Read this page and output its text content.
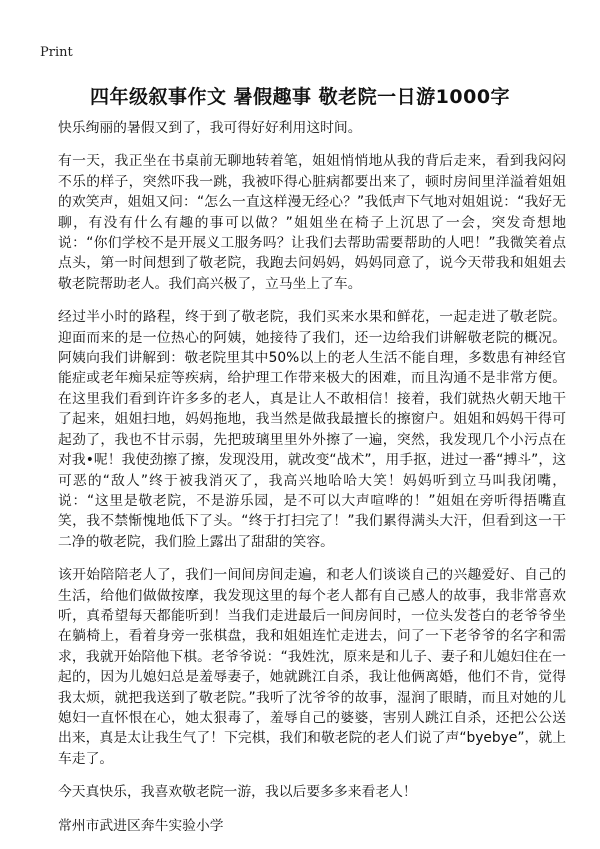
Print
四年级叙事作文 暑假趣事 敬老院一日游1000字

快乐绚丽的暑假又到了，我可得好好利用这时间。

有一天，我正坐在书桌前无聊地转着笔，姐姐悄悄地从我的背后走来，看到我闷闷不乐的样子，突然吓我一跳，我被吓得心脏病都要出来了，顿时房间里洋溢着姐姐的欢笑声，姐姐又问：“怎么一直这样漫无经心？”我低声下气地对姐姐说：“我好无聊，有没有什么有趣的事可以做？”姐姐坐在椅子上沉思了一会，突发奇想地说：“你们学校不是开展义工服务吗？让我们去帮助需要帮助的人吧！”我微笑着点点头，第一时间想到了敬老院，我跑去问妈妈，妈妈同意了，说今天带我和姐姐去敬老院帮助老人。我们高兴极了，立马坐上了车。

经过半小时的路程，终于到了敬老院，我们买来水果和鲜花，一起走进了敬老院。迎面而来的是一位热心的阿姨，她接待了我们，还一边给我们讲解敬老院的概况。阿姨向我们讲解到：敬老院里其中50%以上的老人生活不能自理，多数患有神经官能症或老年痴呆症等疾病，给护理工作带来极大的困难，而且沟通不是非常方便。在这里我们看到许许多多的老人，真是让人不敢相信！接着，我们就热火朝天地干了起来，姐姐扫地，妈妈拖地，我当然是做我最擅长的擦窗户。姐姐和妈妈干得可起劲了，我也不甘示弱，先把玻璃里里外外擦了一遍，突然，我发现几个小污点在对我•呢！我使劲擦了擦，发现没用，就改变“战术”，用手抠，进过一番“搏斗”，这可恶的“敌人”终于被我消灭了，我高兴地哈哈大笑！妈妈听到立马叫我闭嘴，说：“这里是敬老院，不是游乐园，是不可以大声喧哗的！”姐姐在旁听得捂嘴直笑，我不禁惭愧地低下了头。“终于打扫完了！”我们累得满头大汗，但看到这一干二净的敬老院，我们脸上露出了甜甜的笑容。

该开始陪陪老人了，我们一间间房间走遍，和老人们谈谈自己的兴趣爱好、自己的生活，给他们做做按摩，我发现这里的每个老人都有自己感人的故事，我非常喜欢听，真希望每天都能听到！当我们走进最后一间房间时，一位头发苍白的老爷爷坐在躺椅上，看着身旁一张棋盘，我和姐姐连忙走进去，问了一下老爷爷的名字和需求，我就开始陪他下棋。老爷爷说：“我姓沈，原来是和儿子、妻子和儿媳妇住在一起的，因为儿媳妇总是羞辱妻子，她就跳江自杀，我让他俩离婚，他们不肯，觉得我太烦，就把我送到了敬老院。”我听了沈爷爷的故事，湿润了眼睛，而且对她的儿媳妇一直怀恨在心，她太狠毒了，羞辱自己的婆婆，害别人跳江自杀，还把公公送出来，真是太让我生气了！下完棋，我们和敬老院的老人们说了声“byebye”，就上车走了。

今天真快乐，我喜欢敬老院一游，我以后要多多来看老人！

常州市武进区奔牛实验小学
